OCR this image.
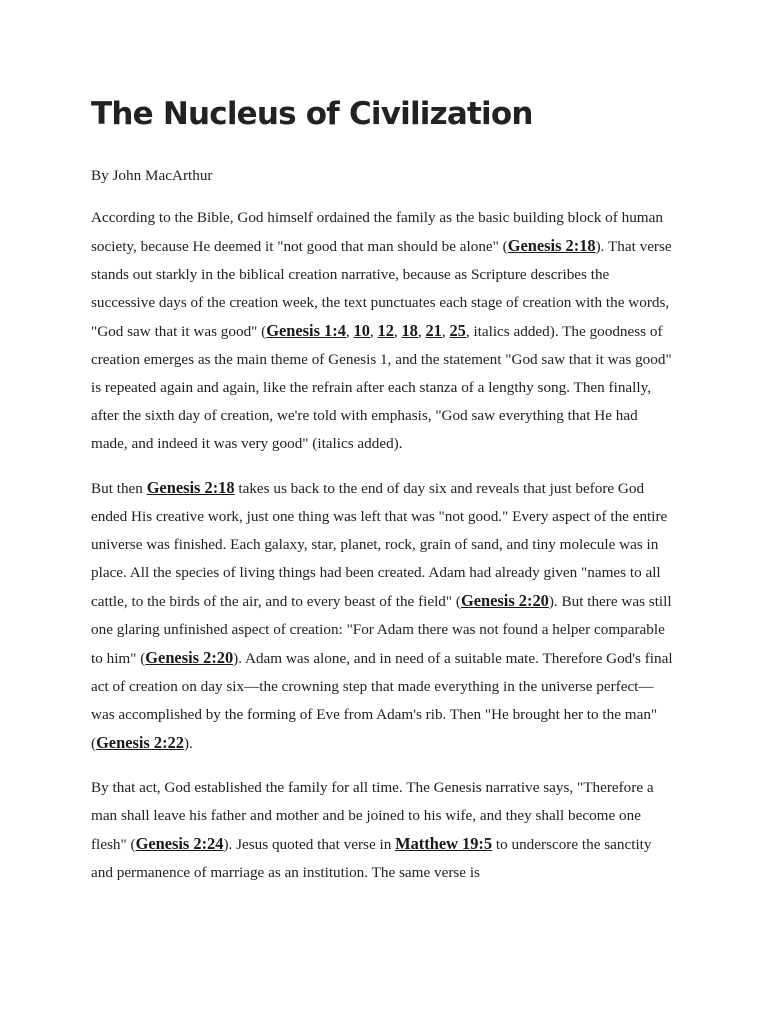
The Nucleus of Civilization

By John MacArthur

According to the Bible, God himself ordained the family as the basic building block of human society, because He deemed it "not good that man should be alone" (Genesis 2:18). That verse stands out starkly in the biblical creation narrative, because as Scripture describes the successive days of the creation week, the text punctuates each stage of creation with the words, "God saw that it was good" (Genesis 1:4, 10, 12, 18, 21, 25, italics added). The goodness of creation emerges as the main theme of Genesis 1, and the statement "God saw that it was good" is repeated again and again, like the refrain after each stanza of a lengthy song. Then finally, after the sixth day of creation, we're told with emphasis, "God saw everything that He had made, and indeed it was very good" (italics added).

But then Genesis 2:18 takes us back to the end of day six and reveals that just before God ended His creative work, just one thing was left that was "not good." Every aspect of the entire universe was finished. Each galaxy, star, planet, rock, grain of sand, and tiny molecule was in place. All the species of living things had been created. Adam had already given "names to all cattle, to the birds of the air, and to every beast of the field" (Genesis 2:20). But there was still one glaring unfinished aspect of creation: "For Adam there was not found a helper comparable to him" (Genesis 2:20). Adam was alone, and in need of a suitable mate. Therefore God's final act of creation on day six—the crowning step that made everything in the universe perfect—was accomplished by the forming of Eve from Adam's rib. Then "He brought her to the man" (Genesis 2:22).

By that act, God established the family for all time. The Genesis narrative says, "Therefore a man shall leave his father and mother and be joined to his wife, and they shall become one flesh" (Genesis 2:24). Jesus quoted that verse in Matthew 19:5 to underscore the sanctity and permanence of marriage as an institution. The same verse is
